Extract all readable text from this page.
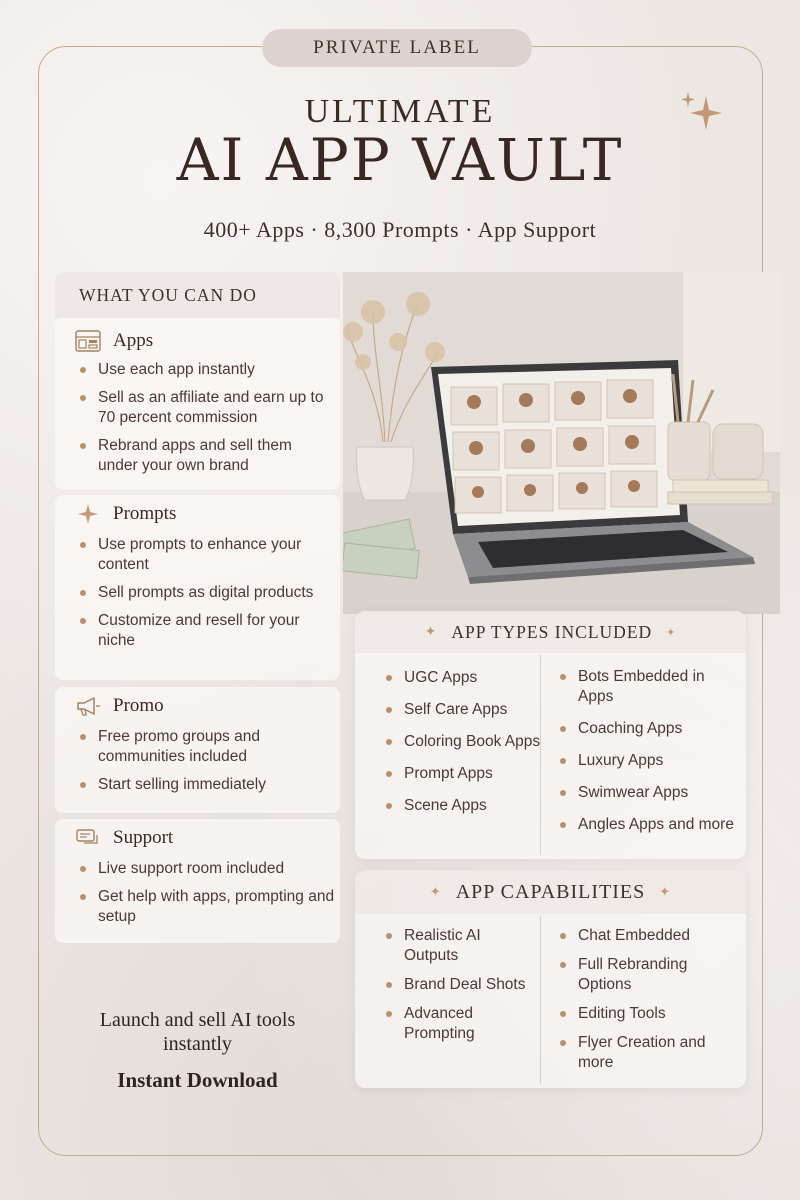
PRIVATE LABEL
ULTIMATE
AI APP VAULT
400+ Apps · 8,300 Prompts · App Support
WHAT YOU CAN DO
Apps
Use each app instantly
Sell as an affiliate and earn up to 70 percent commission
Rebrand apps and sell them under your own brand
Prompts
Use prompts to enhance your content
Sell prompts as digital products
Customize and resell for your niche
Promo
Free promo groups and communities included
Start selling immediately
Support
Live support room included
Get help with apps, prompting and setup
Launch and sell AI tools instantly
Instant Download
✦ APP TYPES INCLUDED ✦
UGC Apps
Self Care Apps
Coloring Book Apps
Prompt Apps
Scene Apps
Bots Embedded in Apps
Coaching Apps
Luxury Apps
Swimwear Apps
Angles Apps and more
✦ APP CAPABILITIES ✦
Realistic AI Outputs
Brand Deal Shots
Advanced Prompting
Chat Embedded
Full Rebranding Options
Editing Tools
Flyer Creation and more
